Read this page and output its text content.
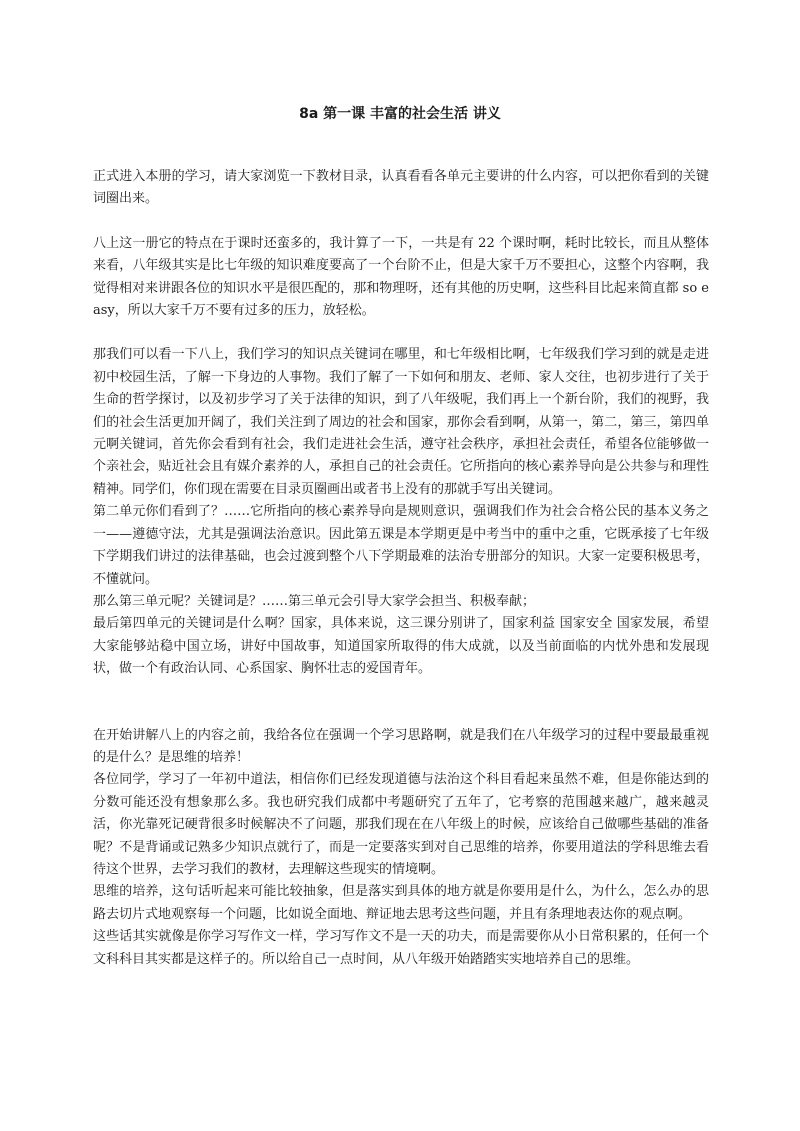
8a 第一课 丰富的社会生活 讲义

正式进入本册的学习，请大家浏览一下教材目录，认真看看各单元主要讲的什么内容，可以把你看到的关键词圈出来。

八上这一册它的特点在于课时还蛮多的，我计算了一下，一共是有 22 个课时啊，耗时比较长，而且从整体来看，八年级其实是比七年级的知识难度要高了一个台阶不止，但是大家千万不要担心，这整个内容啊，我觉得相对来讲跟各位的知识水平是很匹配的，那和物理呀，还有其他的历史啊，这些科目比起来简直都 so easy，所以大家千万不要有过多的压力，放轻松。

那我们可以看一下八上，我们学习的知识点关键词在哪里，和七年级相比啊，七年级我们学习到的就是走进初中校园生活，了解一下身边的人事物。我们了解了一下如何和朋友、老师、家人交往，也初步进行了关于生命的哲学探讨，以及初步学习了关于法律的知识，到了八年级呢，我们再上一个新台阶，我们的视野，我们的社会生活更加开阔了，我们关注到了周边的社会和国家，那你会看到啊，从第一，第二，第三，第四单元啊关键词，首先你会看到有社会，我们走进社会生活，遵守社会秩序，承担社会责任，希望各位能够做一个亲社会，贴近社会且有媒介素养的人，承担自己的社会责任。它所指向的核心素养导向是公共参与和理性精神。同学们，你们现在需要在目录页圈画出或者书上没有的那就手写出关键词。

第二单元你们看到了？……它所指向的核心素养导向是规则意识，强调我们作为社会合格公民的基本义务之一——遵德守法，尤其是强调法治意识。因此第五课是本学期更是中考当中的重中之重，它既承接了七年级下学期我们讲过的法律基础，也会过渡到整个八下学期最难的法治专册部分的知识。大家一定要积极思考，不懂就问。

那么第三单元呢？关键词是？……第三单元会引导大家学会担当、积极奉献；

最后第四单元的关键词是什么啊？国家，具体来说，这三课分别讲了，国家利益 国家安全 国家发展，希望大家能够站稳中国立场，讲好中国故事，知道国家所取得的伟大成就，以及当前面临的内忧外患和发展现状，做一个有政治认同、心系国家、胸怀壮志的爱国青年。

在开始讲解八上的内容之前，我给各位在强调一个学习思路啊，就是我们在八年级学习的过程中要最最重视的是什么？是思维的培养！

各位同学，学习了一年初中道法，相信你们已经发现道德与法治这个科目看起来虽然不难，但是你能达到的分数可能还没有想象那么多。我也研究我们成都中考题研究了五年了，它考察的范围越来越广，越来越灵活，你光靠死记硬背很多时候解决不了问题，那我们现在在八年级上的时候，应该给自己做哪些基础的准备呢？不是背诵或记熟多少知识点就行了，而是一定要落实到对自己思维的培养，你要用道法的学科思维去看待这个世界，去学习我们的教材，去理解这些现实的情境啊。

思维的培养，这句话听起来可能比较抽象，但是落实到具体的地方就是你要用是什么，为什么，怎么办的思路去切片式地观察每一个问题，比如说全面地、辩证地去思考这些问题，并且有条理地表达你的观点啊。

这些话其实就像是你学习写作文一样，学习写作文不是一天的功夫，而是需要你从小日常积累的，任何一个文科科目其实都是这样子的。所以给自己一点时间，从八年级开始踏踏实实地培养自己的思维。
